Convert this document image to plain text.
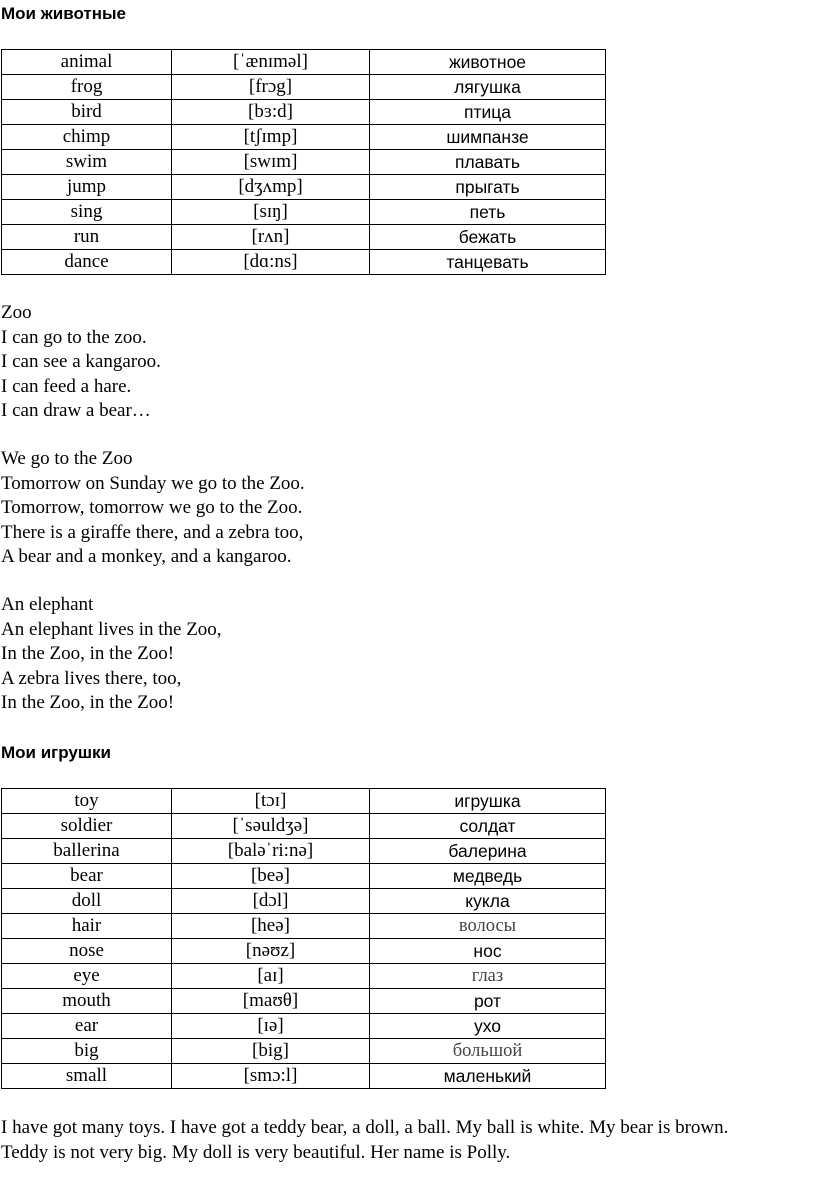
Мои животные
animal	[ˈænɪməl]	животное
frog	[frɔg]	лягушка
bird	[bɜ:d]	птица
chimp	[tʃɪmp]	шимпанзе
swim	[swɪm]	плавать
jump	[dʒʌmp]	прыгать
sing	[sɪŋ]	петь
run	[rʌn]	бежать
dance	[dɑ:ns]	танцевать
Zoo
I can go to the zoo.
I can see a kangaroo.
I can feed a hare.
I can draw a bear…
We go to the Zoo
Tomorrow on Sunday we go to the Zoo.
Tomorrow, tomorrow we go to the Zoo.
There is a giraffe there, and a zebra too,
A bear and a monkey, and a kangaroo.
An elephant
An elephant lives in the Zoo,
In the Zoo, in the Zoo!
A zebra lives there, too,
In the Zoo, in the Zoo!
Мои игрушки
toy	[tɔɪ]	игрушка
soldier	[ˈsəuldʒə]	солдат
ballerina	[baləˈri:nə]	балерина
bear	[beə]	медведь
doll	[dɔl]	кукла
hair	[heə]	волосы
nose	[nəʊz]	нос
eye	[aɪ]	глаз
mouth	[maʊθ]	рот
ear	[ɪə]	ухо
big	[big]	большой
small	[smɔ:l]	маленький
I have got many toys. I have got a teddy bear, a doll, a ball. My ball is white. My bear is brown.
Teddy is not very big. My doll is very beautiful. Her name is Polly.
